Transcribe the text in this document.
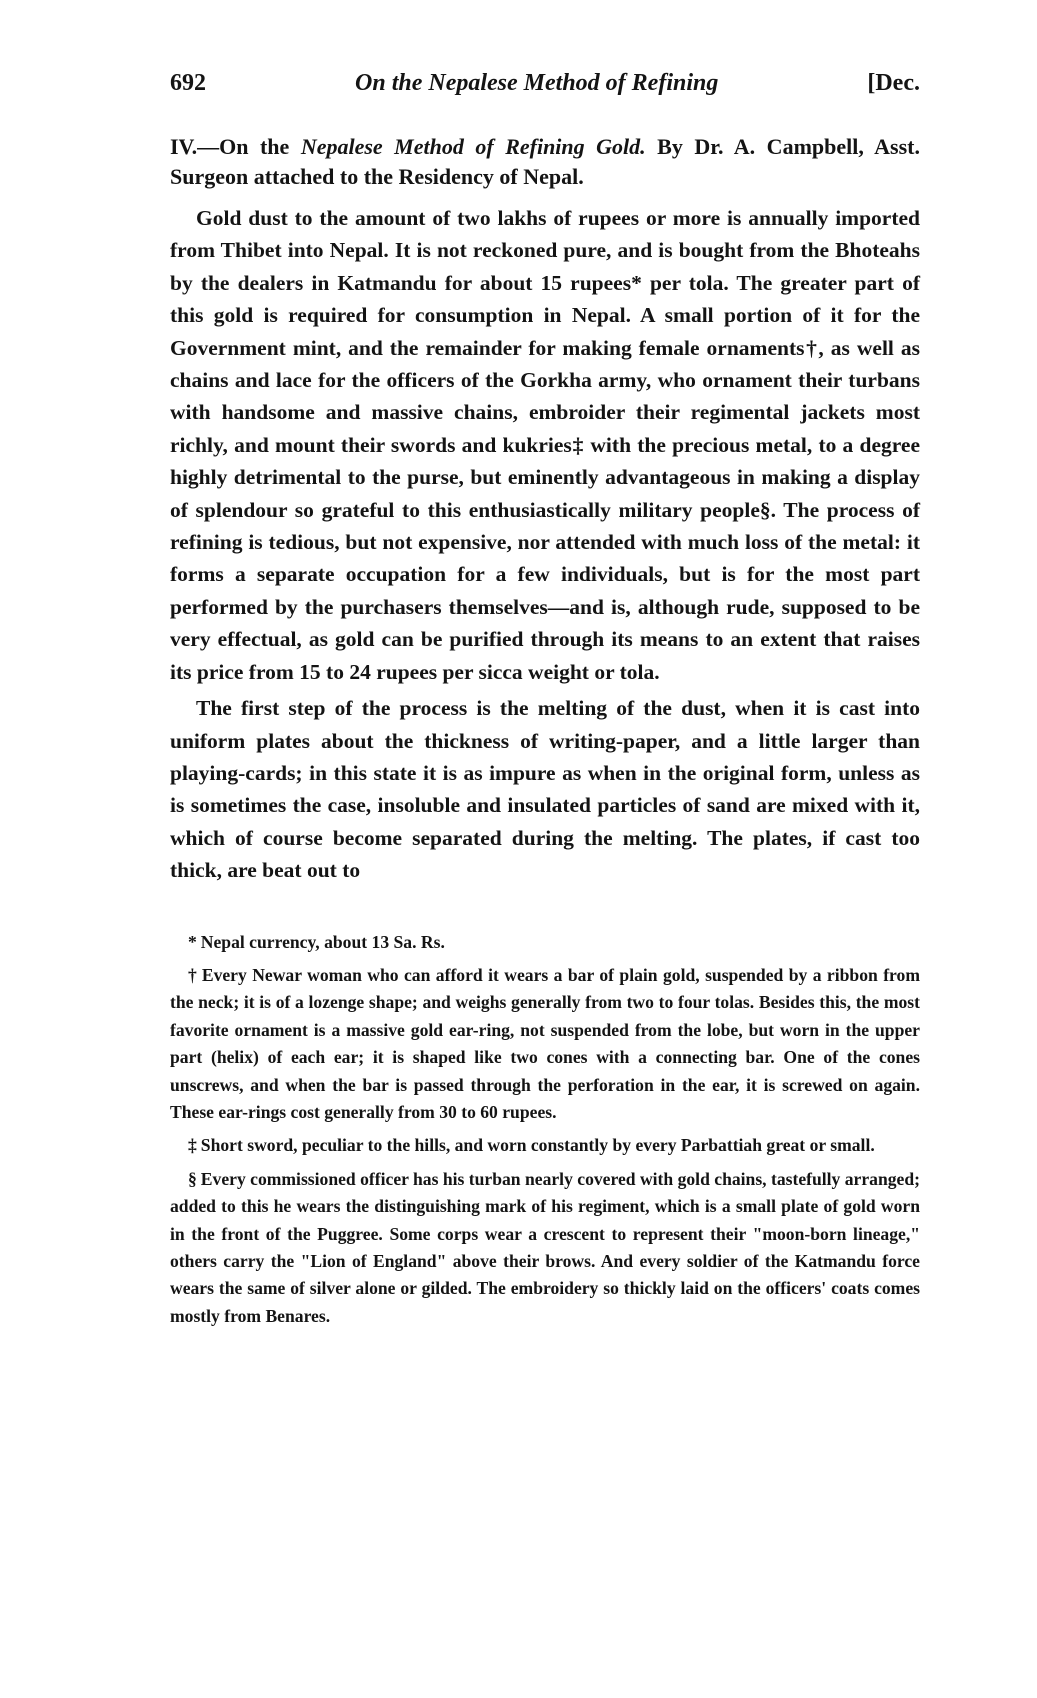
692	On the Nepalese Method of Refining	[Dec.
IV.—On the Nepalese Method of Refining Gold. By Dr. A. Campbell, Asst. Surgeon attached to the Residency of Nepal.

Gold dust to the amount of two lakhs of rupees or more is annually imported from Thibet into Nepal. It is not reckoned pure, and is bought from the Bhoteahs by the dealers in Katmandu for about 15 rupees* per tola. The greater part of this gold is required for consumption in Nepal. A small portion of it for the Government mint, and the remainder for making female ornaments†, as well as chains and lace for the officers of the Gorkha army, who ornament their turbans with handsome and massive chains, embroider their regimental jackets most richly, and mount their swords and kukries‡ with the precious metal, to a degree highly detrimental to the purse, but eminently advantageous in making a display of splendour so grateful to this enthusiastically military people§. The process of refining is tedious, but not expensive, nor attended with much loss of the metal: it forms a separate occupation for a few individuals, but is for the most part performed by the purchasers themselves—and is, although rude, supposed to be very effectual, as gold can be purified through its means to an extent that raises its price from 15 to 24 rupees per sicca weight or tola.

The first step of the process is the melting of the dust, when it is cast into uniform plates about the thickness of writing-paper, and a little larger than playing-cards; in this state it is as impure as when in the original form, unless as is sometimes the case, insoluble and insulated particles of sand are mixed with it, which of course become separated during the melting. The plates, if cast too thick, are beat out to

* Nepal currency, about 13 Sa. Rs.

† Every Newar woman who can afford it wears a bar of plain gold, suspended by a ribbon from the neck; it is of a lozenge shape; and weighs generally from two to four tolas. Besides this, the most favorite ornament is a massive gold ear-ring, not suspended from the lobe, but worn in the upper part (helix) of each ear; it is shaped like two cones with a connecting bar. One of the cones unscrews, and when the bar is passed through the perforation in the ear, it is screwed on again. These ear-rings cost generally from 30 to 60 rupees.

‡ Short sword, peculiar to the hills, and worn constantly by every Parbattiah great or small.

§ Every commissioned officer has his turban nearly covered with gold chains, tastefully arranged; added to this he wears the distinguishing mark of his regiment, which is a small plate of gold worn in the front of the Puggree. Some corps wear a crescent to represent their "moon-born lineage," others carry the "Lion of England" above their brows. And every soldier of the Katmandu force wears the same of silver alone or gilded. The embroidery so thickly laid on the officers' coats comes mostly from Benares.
